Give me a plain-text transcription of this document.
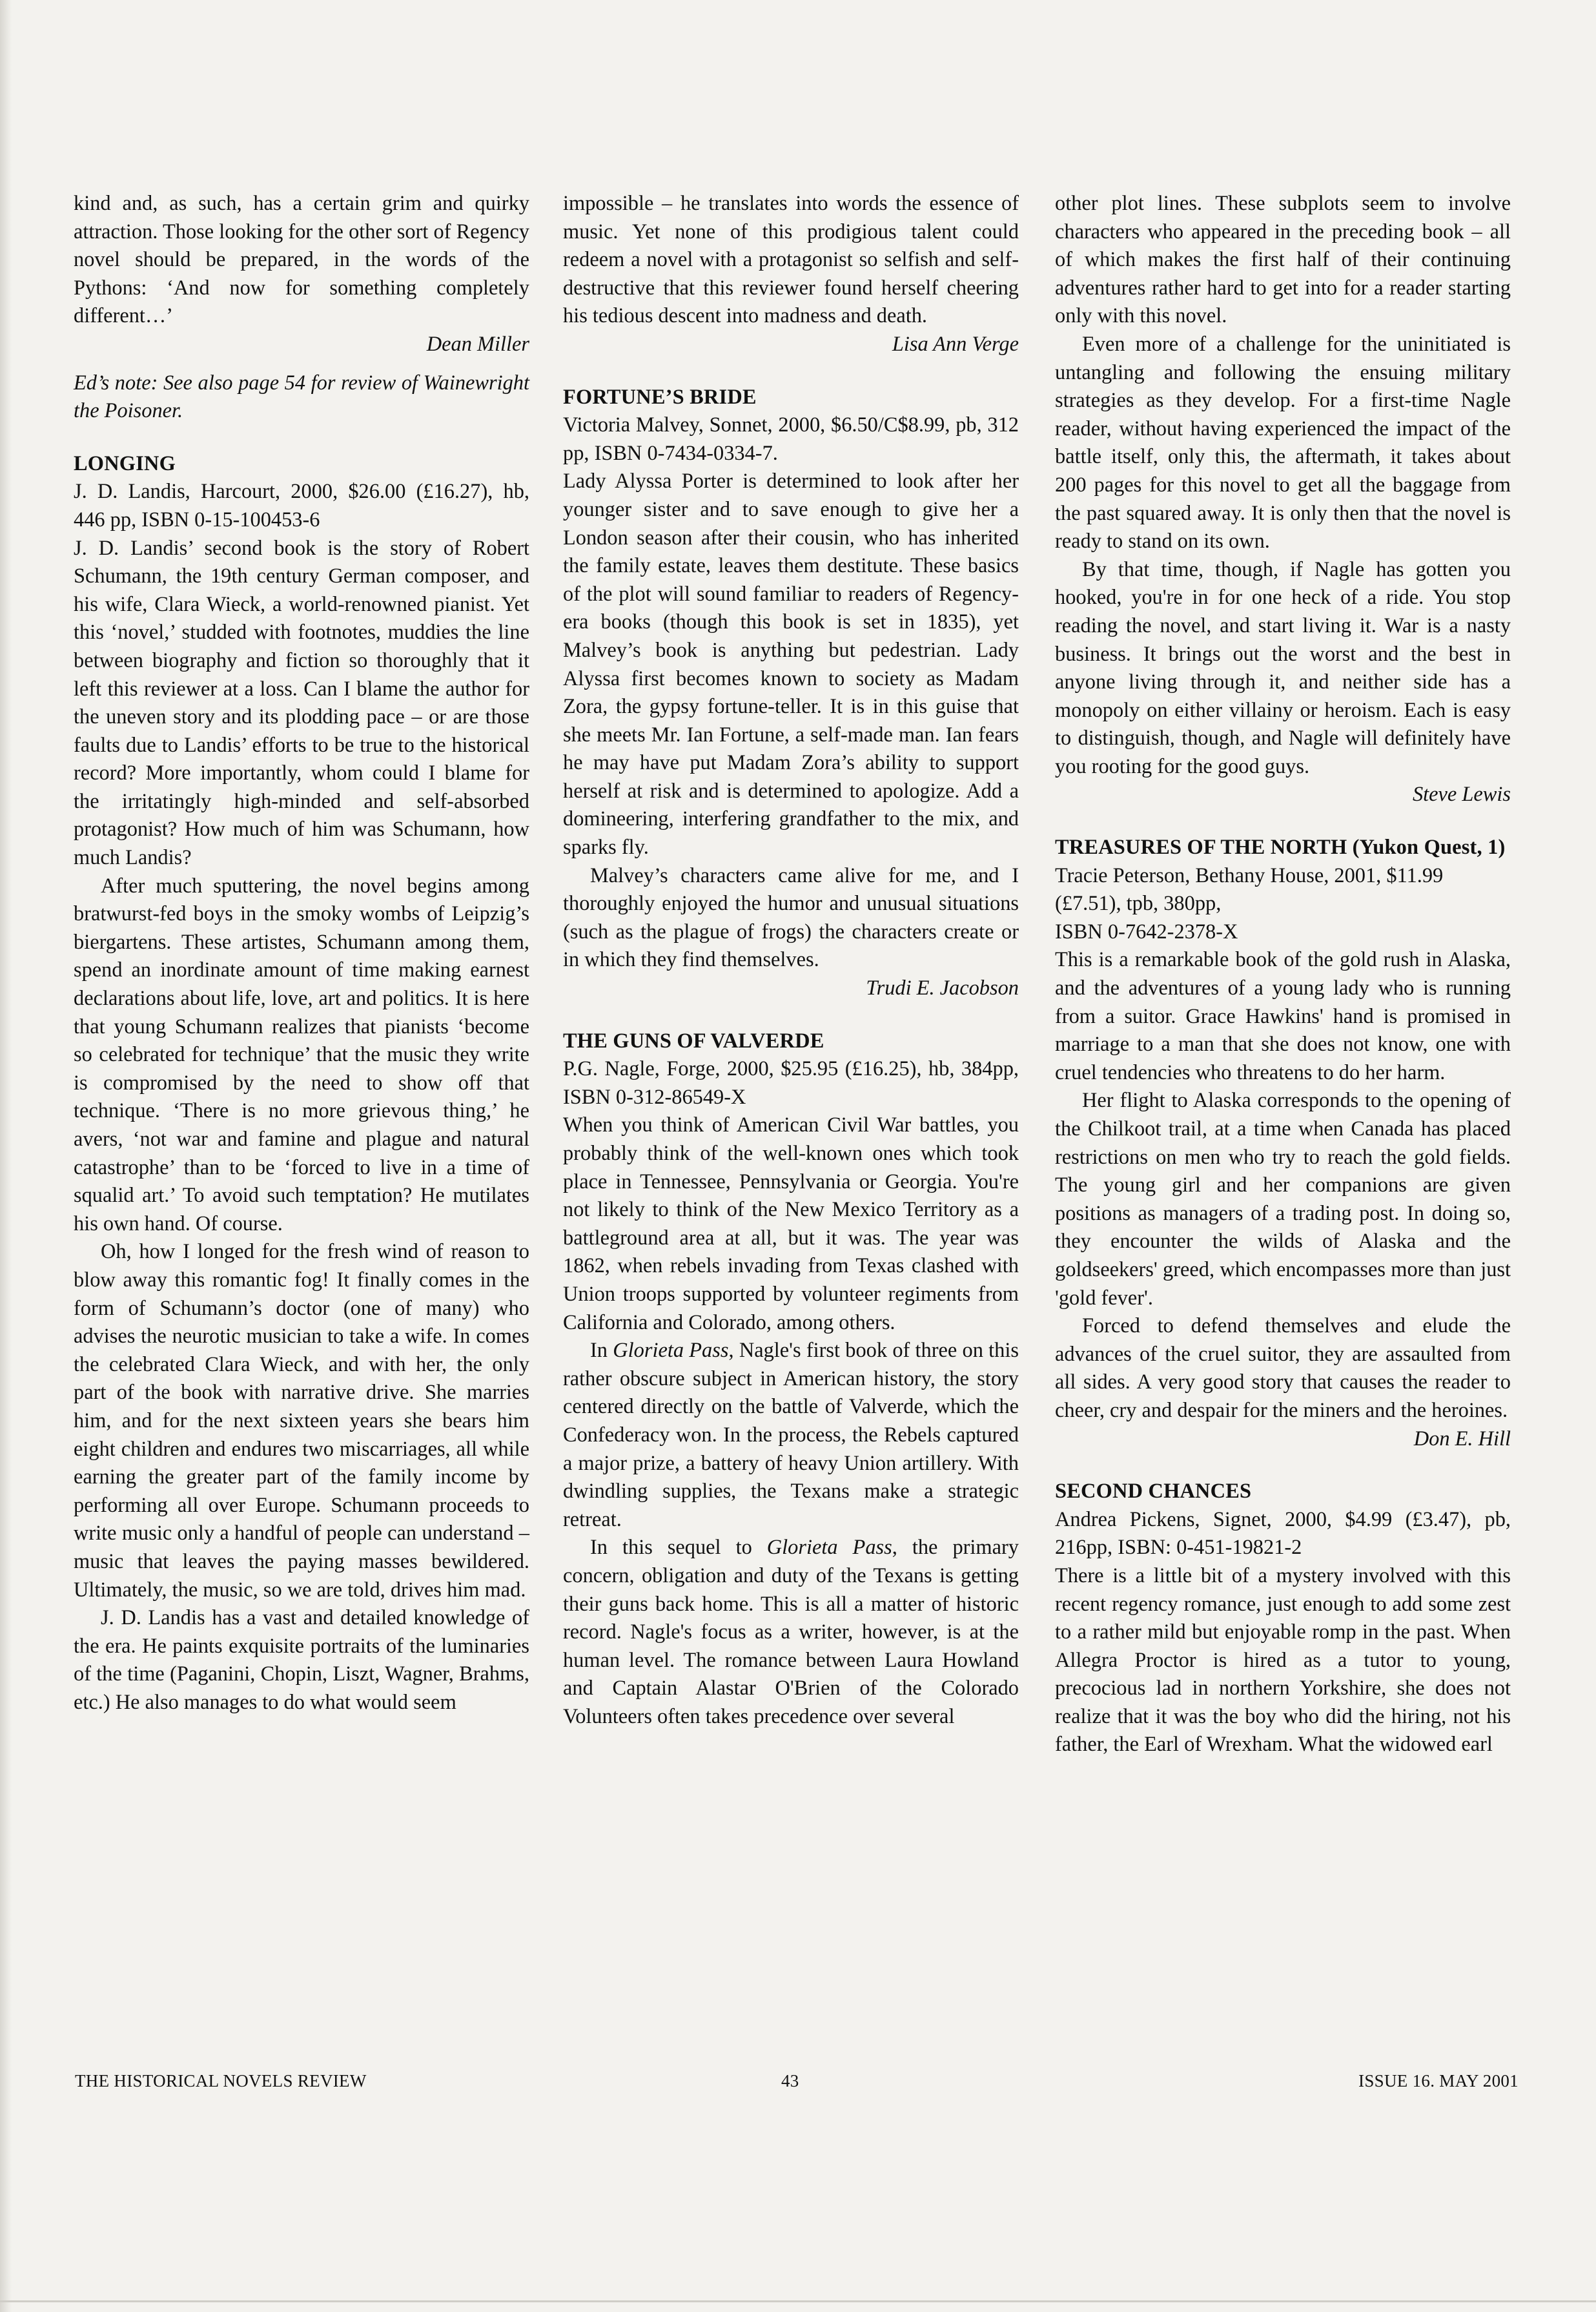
kind and, as such, has a certain grim and quirky attraction. Those looking for the other sort of Regency novel should be prepared, in the words of the Pythons: ‘And now for something completely different…’

Dean Miller

Ed’s note: See also page 54 for review of Wainewright the Poisoner.

LONGING

J. D. Landis, Harcourt, 2000, $26.00 (£16.27), hb, 446 pp, ISBN 0-15-100453-6

J. D. Landis’ second book is the story of Robert Schumann, the 19th century German composer, and his wife, Clara Wieck, a world-renowned pianist. Yet this ‘novel,’ studded with footnotes, muddies the line between biography and fiction so thoroughly that it left this reviewer at a loss. Can I blame the author for the uneven story and its plodding pace – or are those faults due to Landis’ efforts to be true to the historical record? More importantly, whom could I blame for the irritatingly high-minded and self-absorbed protagonist? How much of him was Schumann, how much Landis?

After much sputtering, the novel begins among bratwurst-fed boys in the smoky wombs of Leipzig’s biergartens. These artistes, Schumann among them, spend an inordinate amount of time making earnest declarations about life, love, art and politics. It is here that young Schumann realizes that pianists ‘become so celebrated for technique’ that the music they write is compromised by the need to show off that technique. ‘There is no more grievous thing,’ he avers, ‘not war and famine and plague and natural catastrophe’ than to be ‘forced to live in a time of squalid art.’ To avoid such temptation? He mutilates his own hand. Of course.

Oh, how I longed for the fresh wind of reason to blow away this romantic fog! It finally comes in the form of Schumann’s doctor (one of many) who advises the neurotic musician to take a wife. In comes the celebrated Clara Wieck, and with her, the only part of the book with narrative drive. She marries him, and for the next sixteen years she bears him eight children and endures two miscarriages, all while earning the greater part of the family income by performing all over Europe. Schumann proceeds to write music only a handful of people can understand – music that leaves the paying masses bewildered. Ultimately, the music, so we are told, drives him mad.

J. D. Landis has a vast and detailed knowledge of the era. He paints exquisite portraits of the luminaries of the time (Paganini, Chopin, Liszt, Wagner, Brahms, etc.) He also manages to do what would seem

impossible – he translates into words the essence of music. Yet none of this prodigious talent could redeem a novel with a protagonist so selfish and self-destructive that this reviewer found herself cheering his tedious descent into madness and death.

Lisa Ann Verge

FORTUNE’S BRIDE

Victoria Malvey, Sonnet, 2000, $6.50/C$8.99, pb, 312 pp, ISBN 0-7434-0334-7.

Lady Alyssa Porter is determined to look after her younger sister and to save enough to give her a London season after their cousin, who has inherited the family estate, leaves them destitute. These basics of the plot will sound familiar to readers of Regency-era books (though this book is set in 1835), yet Malvey’s book is anything but pedestrian. Lady Alyssa first becomes known to society as Madam Zora, the gypsy fortune-teller. It is in this guise that she meets Mr. Ian Fortune, a self-made man. Ian fears he may have put Madam Zora’s ability to support herself at risk and is determined to apologize. Add a domineering, interfering grandfather to the mix, and sparks fly.

Malvey’s characters came alive for me, and I thoroughly enjoyed the humor and unusual situations (such as the plague of frogs) the characters create or in which they find themselves.

Trudi E. Jacobson

THE GUNS OF VALVERDE

P.G. Nagle, Forge, 2000, $25.95 (£16.25), hb, 384pp, ISBN 0-312-86549-X

When you think of American Civil War battles, you probably think of the well-known ones which took place in Tennessee, Pennsylvania or Georgia. You're not likely to think of the New Mexico Territory as a battleground area at all, but it was. The year was 1862, when rebels invading from Texas clashed with Union troops supported by volunteer regiments from California and Colorado, among others.

In Glorieta Pass, Nagle's first book of three on this rather obscure subject in American history, the story centered directly on the battle of Valverde, which the Confederacy won. In the process, the Rebels captured a major prize, a battery of heavy Union artillery. With dwindling supplies, the Texans make a strategic retreat.

In this sequel to Glorieta Pass, the primary concern, obligation and duty of the Texans is getting their guns back home. This is all a matter of historic record. Nagle's focus as a writer, however, is at the human level. The romance between Laura Howland and Captain Alastar O'Brien of the Colorado Volunteers often takes precedence over several

other plot lines. These subplots seem to involve characters who appeared in the preceding book – all of which makes the first half of their continuing adventures rather hard to get into for a reader starting only with this novel.

Even more of a challenge for the uninitiated is untangling and following the ensuing military strategies as they develop. For a first-time Nagle reader, without having experienced the impact of the battle itself, only this, the aftermath, it takes about 200 pages for this novel to get all the baggage from the past squared away. It is only then that the novel is ready to stand on its own.

By that time, though, if Nagle has gotten you hooked, you're in for one heck of a ride. You stop reading the novel, and start living it. War is a nasty business. It brings out the worst and the best in anyone living through it, and neither side has a monopoly on either villainy or heroism. Each is easy to distinguish, though, and Nagle will definitely have you rooting for the good guys.

Steve Lewis

TREASURES OF THE NORTH (Yukon Quest, 1)

Tracie Peterson, Bethany House, 2001, $11.99 (£7.51), tpb, 380pp,
ISBN 0-7642-2378-X

This is a remarkable book of the gold rush in Alaska, and the adventures of a young lady who is running from a suitor. Grace Hawkins' hand is promised in marriage to a man that she does not know, one with cruel tendencies who threatens to do her harm.

Her flight to Alaska corresponds to the opening of the Chilkoot trail, at a time when Canada has placed restrictions on men who try to reach the gold fields. The young girl and her companions are given positions as managers of a trading post. In doing so, they encounter the wilds of Alaska and the goldseekers' greed, which encompasses more than just 'gold fever'.

Forced to defend themselves and elude the advances of the cruel suitor, they are assaulted from all sides. A very good story that causes the reader to cheer, cry and despair for the miners and the heroines.

Don E. Hill

SECOND CHANCES

Andrea Pickens, Signet, 2000, $4.99 (£3.47), pb, 216pp, ISBN: 0-451-19821-2

There is a little bit of a mystery involved with this recent regency romance, just enough to add some zest to a rather mild but enjoyable romp in the past. When Allegra Proctor is hired as a tutor to young, precocious lad in northern Yorkshire, she does not realize that it was the boy who did the hiring, not his father, the Earl of Wrexham. What the widowed earl

THE HISTORICAL NOVELS REVIEW	43	ISSUE 16. MAY 2001
